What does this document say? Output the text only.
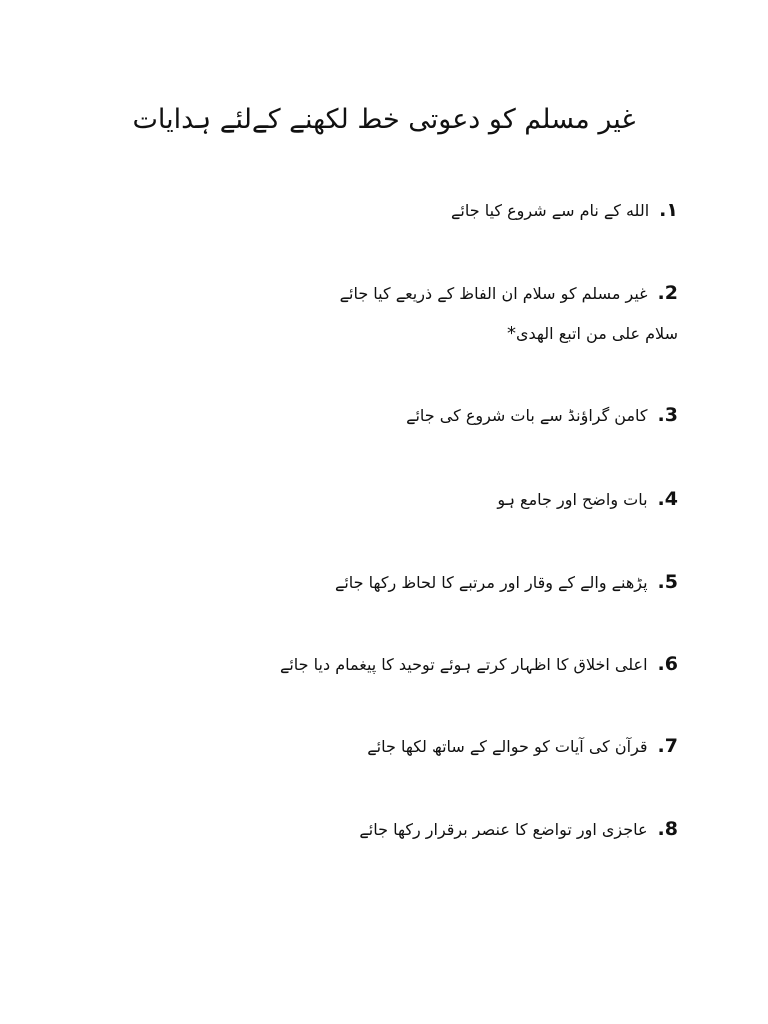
غیر مسلم کو دعوتی خط لکھنے کےلئے ہدایات
١.الله کے نام سے شروع کیا جائے
2.غیر مسلم کو سلام ان الفاظ کے ذریعے کیا جائے
سلام علی من اتبع الھدی*
3.کامن گراؤنڈ سے بات شروع کی جائے
4.بات واضح اور جامع ہو
5.پڑھنے والے کے وقار اور مرتبے کا لحاظ رکھا جائے
6.اعلی اخلاق کا اظہار کرتے ہوئے توحید کا پیغمام دیا جائے
7.قرآن کی آیات کو حوالے کے ساتھ لکھا جائے
8.عاجزی اور تواضع کا عنصر برقرار رکھا جائے
